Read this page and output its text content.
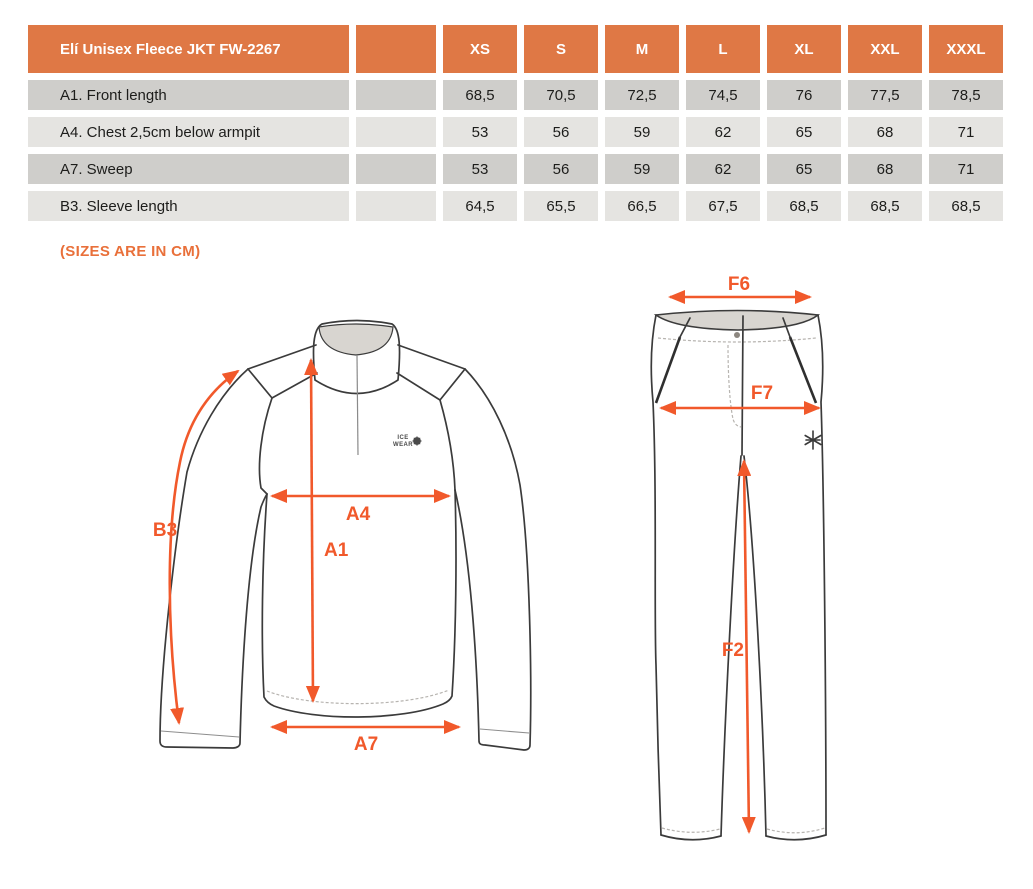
Elí Unisex Fleece JKT FW-2267	XS	S	M	L	XL	XXL	XXXL
A1. Front length	68,5	70,5	72,5	74,5	76	77,5	78,5
A4. Chest 2,5cm below armpit	53	56	59	62	65	68	71
A7. Sweep	53	56	59	62	65	68	71
B3. Sleeve length	64,5	65,5	66,5	67,5	68,5	68,5	68,5
(SIZES ARE IN CM)
ICE
WEAR
B3
A4
A1
A7
F6
F7
F2
